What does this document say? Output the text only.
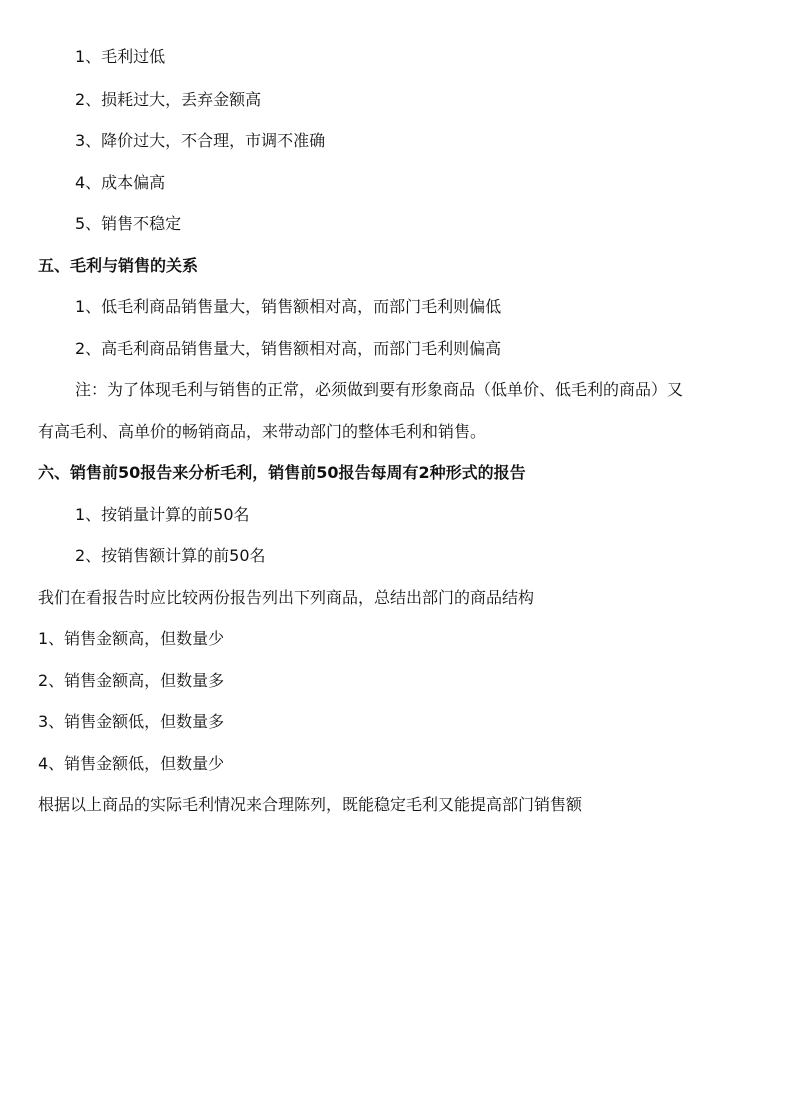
1、毛利过低
2、损耗过大，丢弃金额高
3、降价过大，不合理，市调不准确
4、成本偏高
5、销售不稳定
五、毛利与销售的关系
1、低毛利商品销售量大，销售额相对高，而部门毛利则偏低
2、高毛利商品销售量大，销售额相对高，而部门毛利则偏高
注：为了体现毛利与销售的正常，必须做到要有形象商品（低单价、低毛利的商品）又
有高毛利、高单价的畅销商品，来带动部门的整体毛利和销售。
六、销售前50报告来分析毛利，销售前50报告每周有2种形式的报告
1、按销量计算的前50名
2、按销售额计算的前50名
我们在看报告时应比较两份报告列出下列商品，总结出部门的商品结构
1、销售金额高，但数量少
2、销售金额高，但数量多
3、销售金额低，但数量多
4、销售金额低，但数量少
根据以上商品的实际毛利情况来合理陈列，既能稳定毛利又能提高部门销售额
